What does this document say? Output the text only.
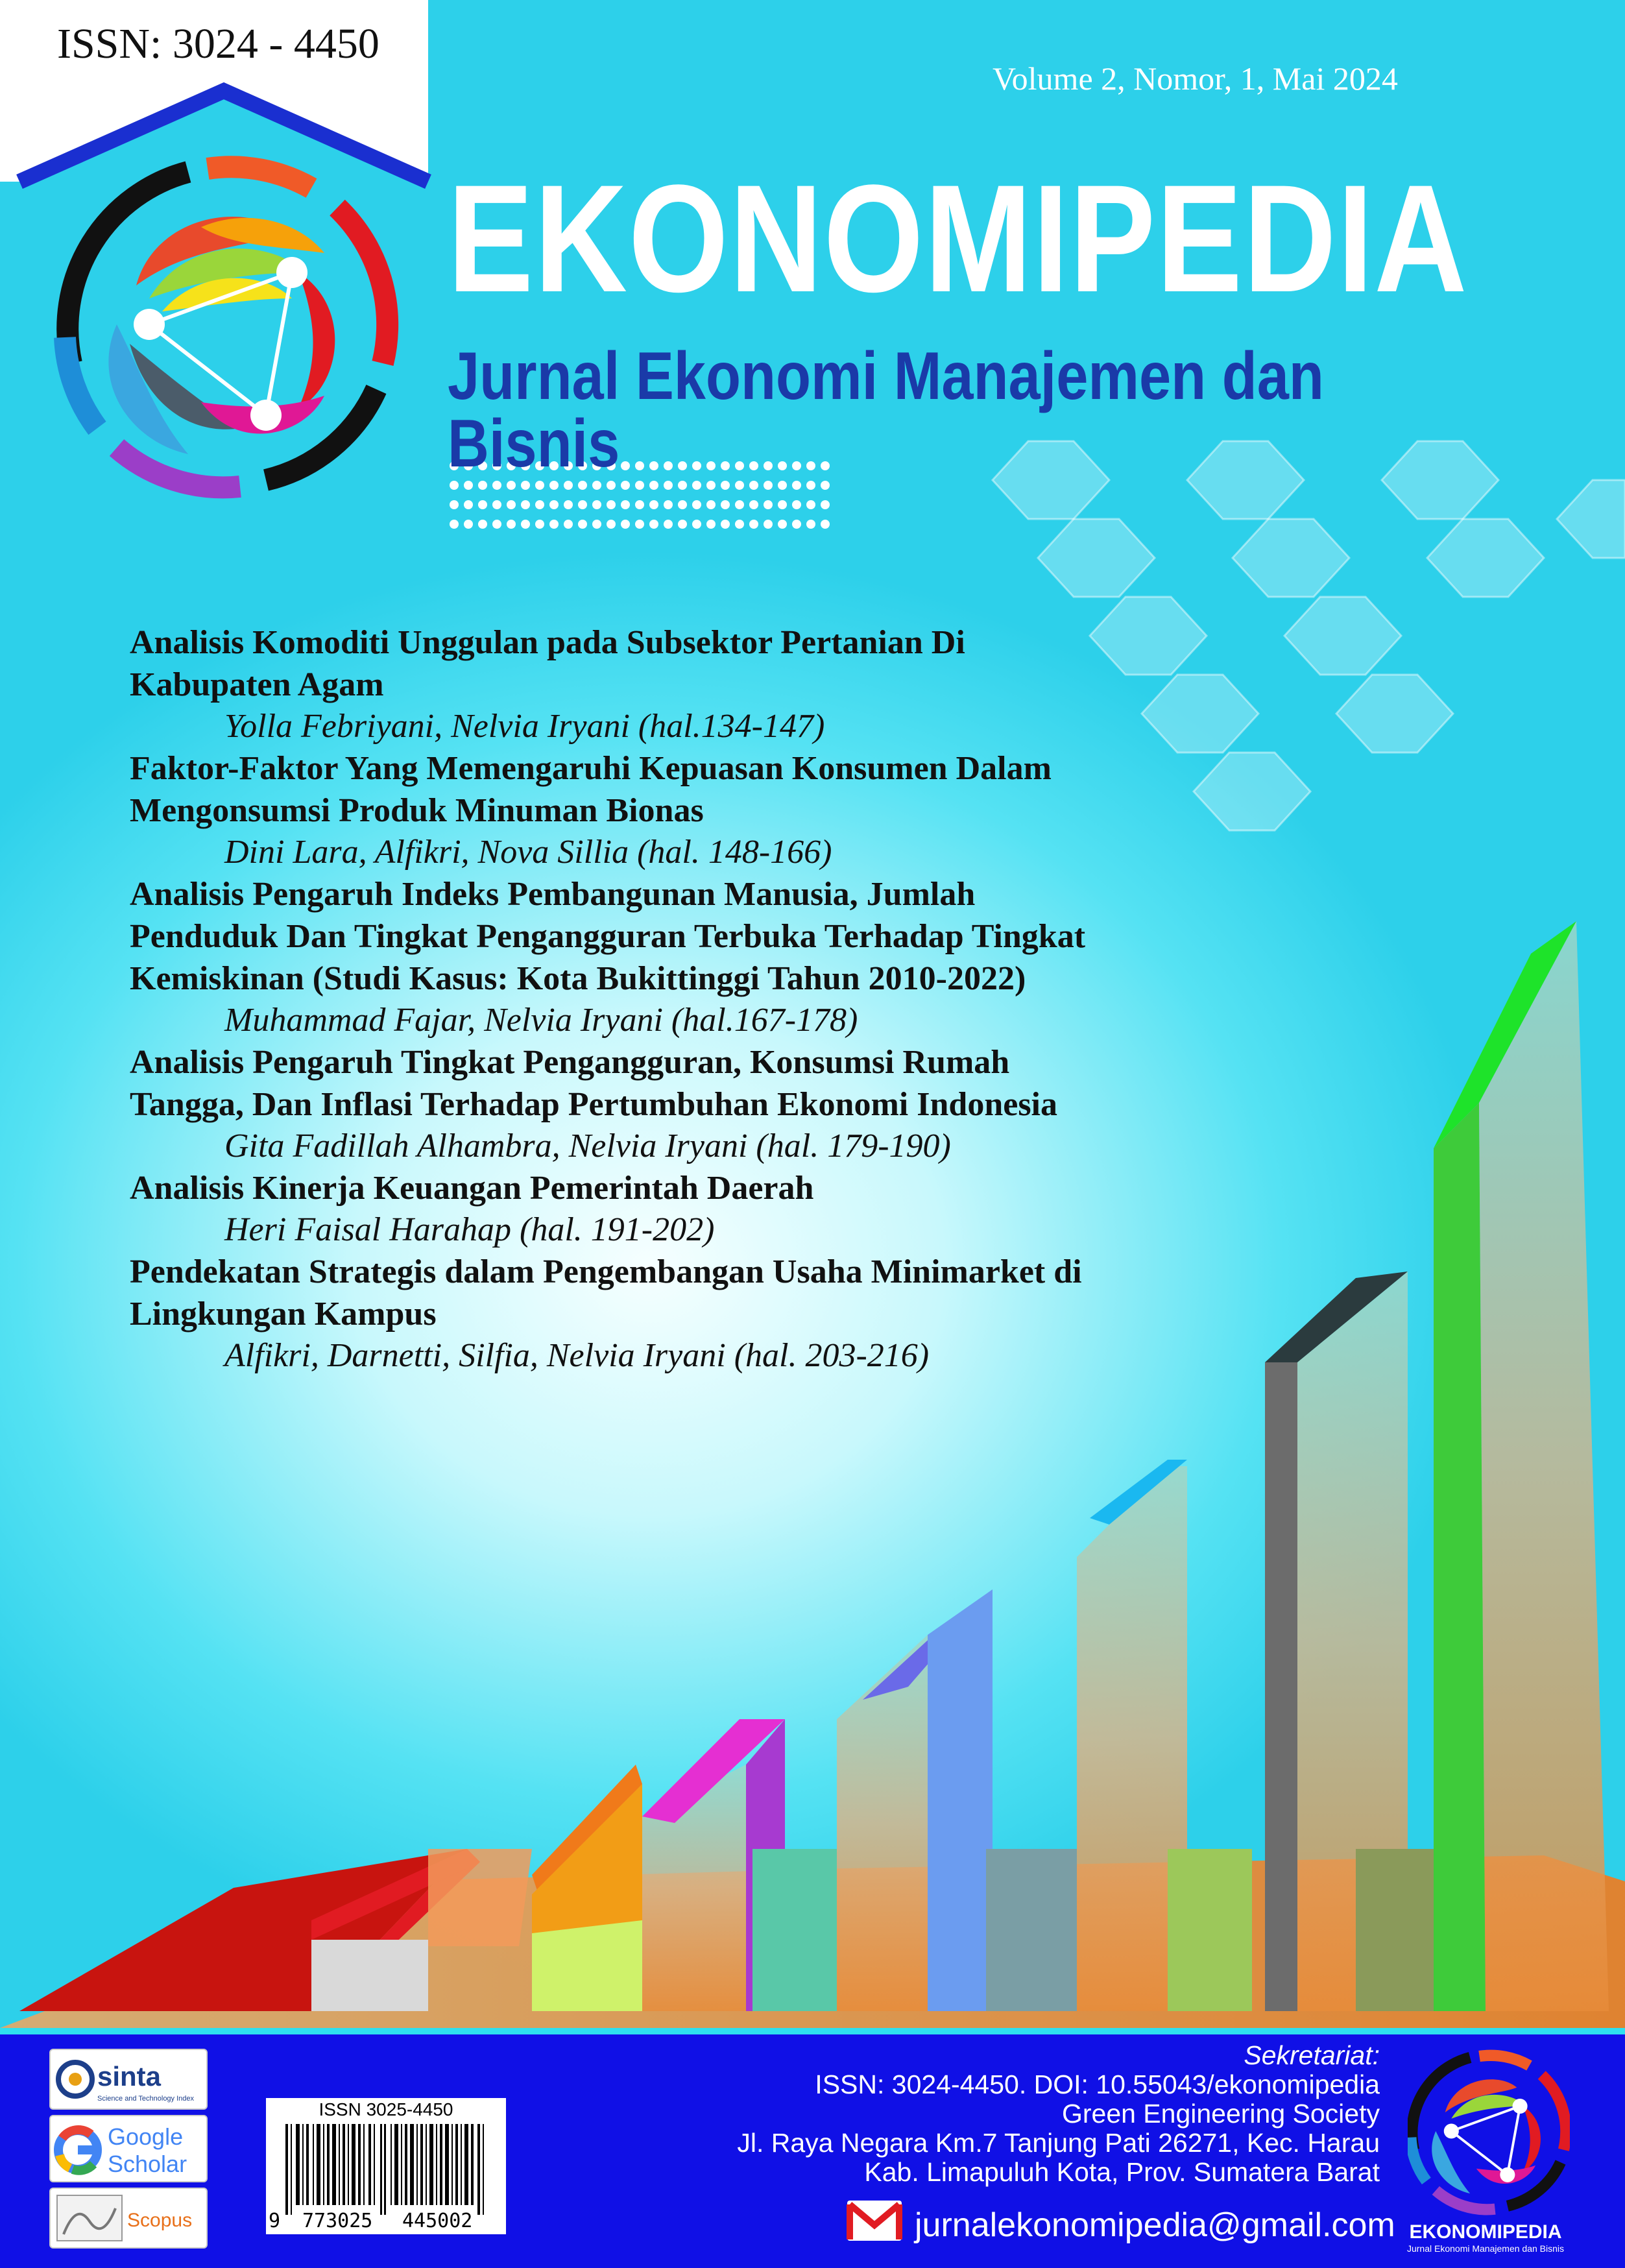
ISSN: 3024 - 4450
Volume 2, Nomor, 1, Mai 2024
EKONOMIPEDIA
Jurnal Ekonomi Manajemen dan Bisnis
Analisis Komoditi Unggulan pada Subsektor Pertanian Di
Kabupaten Agam
Yolla Febriyani, Nelvia Iryani (hal.134-147)
Faktor-Faktor Yang Memengaruhi Kepuasan Konsumen Dalam
Mengonsumsi Produk Minuman Bionas
Dini Lara, Alfikri, Nova Sillia (hal. 148-166)
Analisis Pengaruh Indeks Pembangunan Manusia, Jumlah
Penduduk Dan Tingkat Pengangguran Terbuka Terhadap Tingkat
Kemiskinan (Studi Kasus: Kota Bukittinggi Tahun 2010-2022)
Muhammad Fajar, Nelvia Iryani (hal.167-178)
Analisis Pengaruh Tingkat Pengangguran, Konsumsi Rumah
Tangga, Dan Inflasi Terhadap Pertumbuhan Ekonomi Indonesia
Gita Fadillah Alhambra, Nelvia Iryani (hal. 179-190)
Analisis Kinerja Keuangan Pemerintah Daerah
Heri Faisal Harahap (hal. 191-202)
Pendekatan Strategis dalam Pengembangan Usaha Minimarket di
Lingkungan Kampus
Alfikri, Darnetti, Silfia, Nelvia Iryani (hal. 203-216)
sinta
Science and Technology Index
Google
Scholar
Scopus
ISSN 3025-4450
9 773025 445002
Sekretariat:
ISSN: 3024-4450. DOI: 10.55043/ekonomipedia
Green Engineering Society
Jl. Raya Negara Km.7 Tanjung Pati 26271, Kec. Harau
Kab. Limapuluh Kota, Prov. Sumatera Barat
jurnalekonomipedia@gmail.com EKONOMIPEDIA
Jurnal Ekonomi Manajemen dan Bisnis
